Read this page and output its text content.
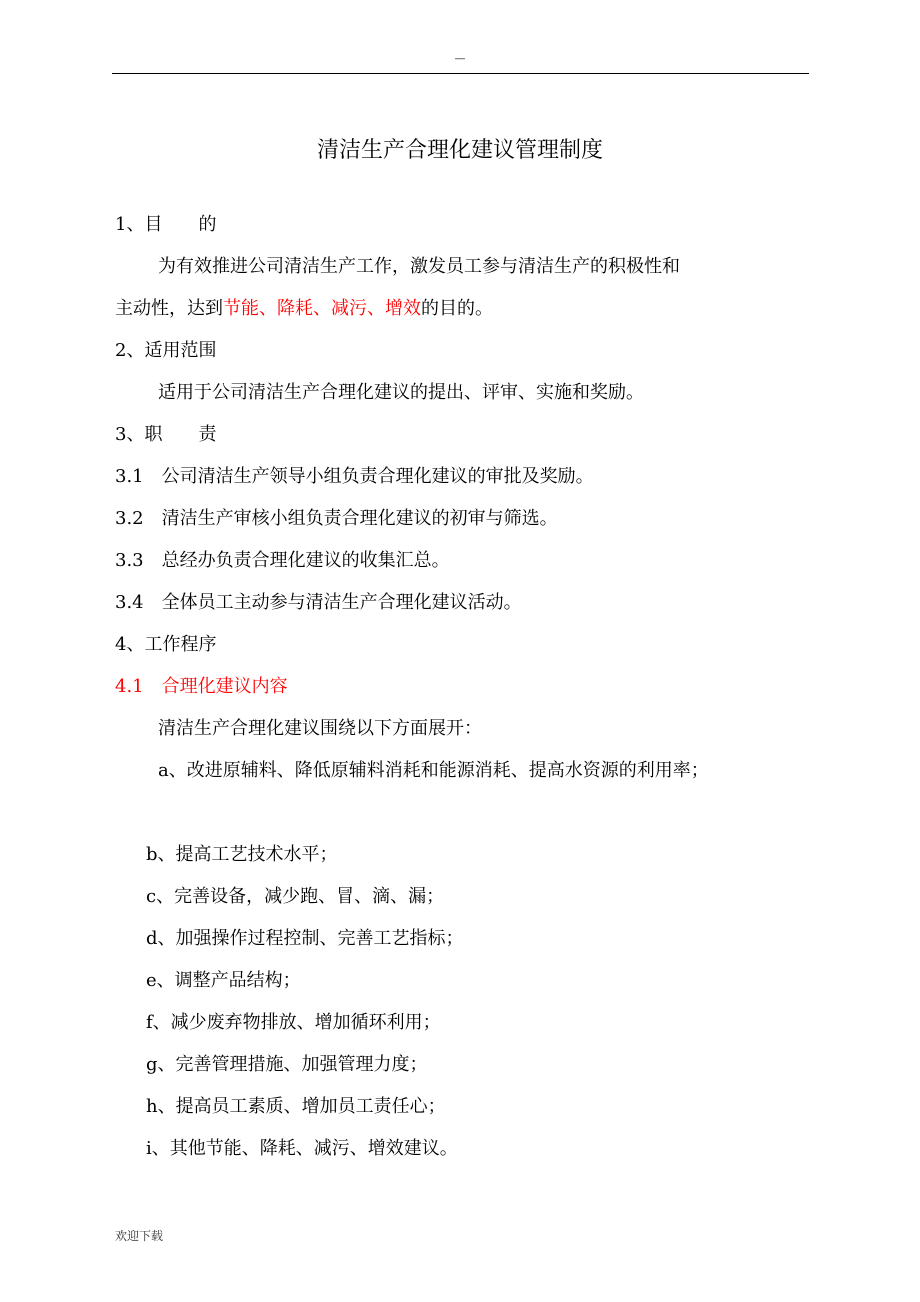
—
清洁生产合理化建议管理制度
1、目　　的
为有效推进公司清洁生产工作，激发员工参与清洁生产的积极性和
主动性，达到节能、降耗、减污、增效的目的。
2、适用范围
适用于公司清洁生产合理化建议的提出、评审、实施和奖励。
3、职　　责
3.1　公司清洁生产领导小组负责合理化建议的审批及奖励。
3.2　清洁生产审核小组负责合理化建议的初审与筛选。
3.3　总经办负责合理化建议的收集汇总。
3.4　全体员工主动参与清洁生产合理化建议活动。
4、工作程序
4.1　合理化建议内容
清洁生产合理化建议围绕以下方面展开：
a、改进原辅料、降低原辅料消耗和能源消耗、提高水资源的利用率；
b、提高工艺技术水平；
c、完善设备，减少跑、冒、滴、漏；
d、加强操作过程控制、完善工艺指标；
e、调整产品结构；
f、减少废弃物排放、增加循环利用；
g、完善管理措施、加强管理力度；
h、提高员工素质、增加员工责任心；
i、其他节能、降耗、减污、增效建议。
欢迎下载
